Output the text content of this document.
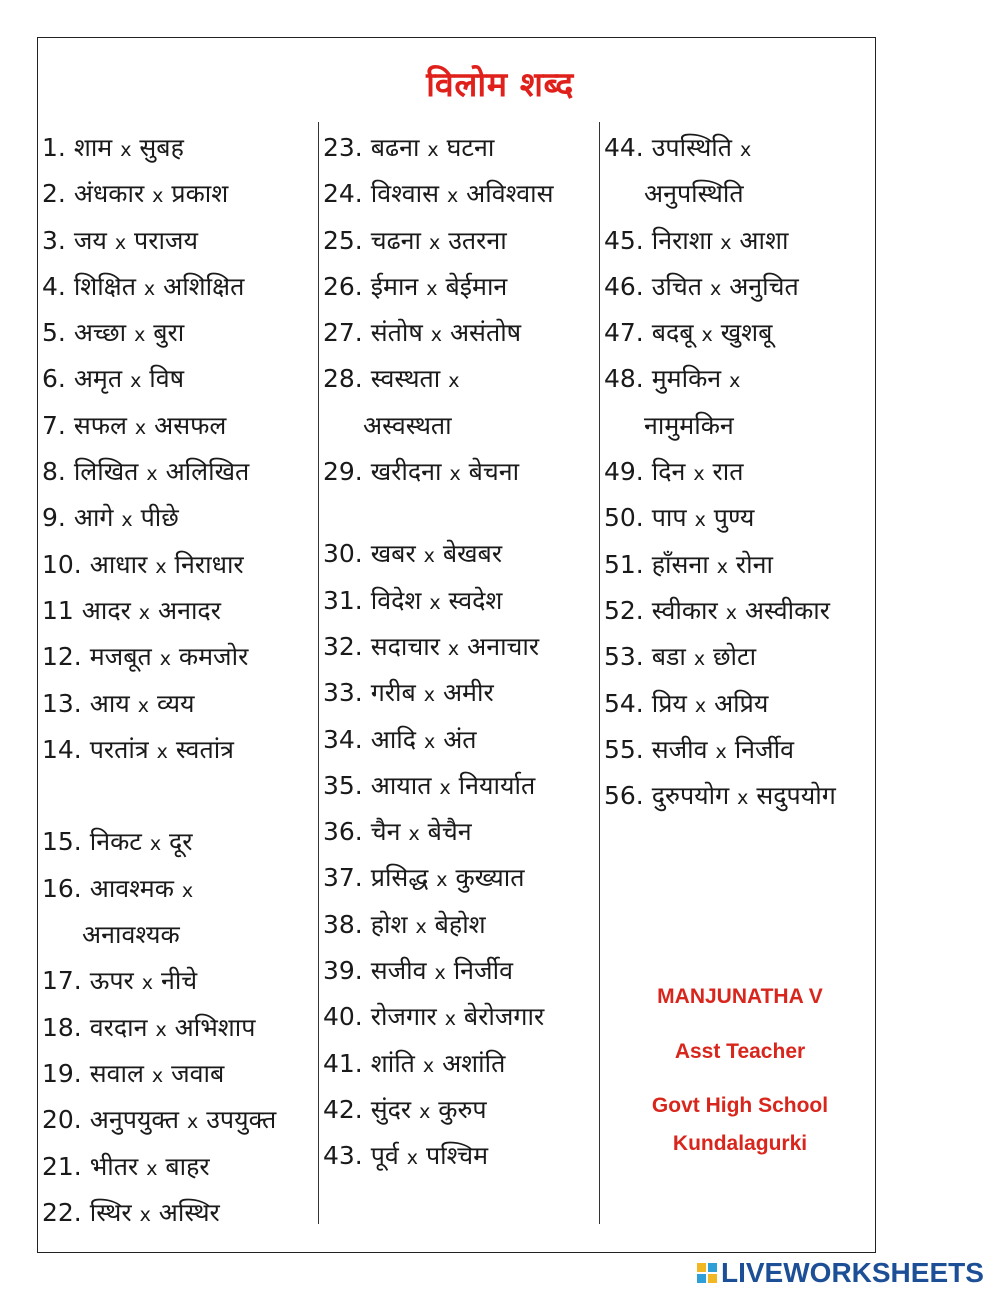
विलोम शब्द
1. शाम x सुबह
2. अंधकार x प्रकाश
3. जय x पराजय
4. शिक्षित x अशिक्षित
5. अच्छा x बुरा
6. अमृत x विष
7. सफल x असफल
8. लिखित x अलिखित
9. आगे x पीछे
10. आधार x निराधार
11 आदर x अनादर
12. मजबूत x कमजोर
13. आय x व्यय
14. परतांत्र x स्वतांत्र
15. निकट x दूर
16. आवश्मक x
अनावश्यक
17. ऊपर x नीचे
18. वरदान x अभिशाप
19. सवाल x जवाब
20. अनुपयुक्त x उपयुक्त
21. भीतर x बाहर
22. स्थिर x अस्थिर
23. बढना x घटना
24. विश्वास x अविश्वास
25. चढना x उतरना
26. ईमान x बेईमान
27. संतोष x असंतोष
28. स्वस्थता x
अस्वस्थता
29. खरीदना x बेचना
30. खबर x बेखबर
31. विदेश x स्वदेश
32. सदाचार x अनाचार
33. गरीब x अमीर
34. आदि x अंत
35. आयात x नियार्यात
36. चैन x बेचैन
37. प्रसिद्ध x कुख्यात
38. होश x बेहोश
39. सजीव x निर्जीव
40. रोजगार x बेरोजगार
41. शांति x अशांति
42. सुंदर x कुरुप
43. पूर्व x पश्चिम
44. उपस्थिति x
अनुपस्थिति
45. निराशा x आशा
46. उचित x अनुचित
47. बदबू x खुशबू
48. मुमकिन x
नामुमकिन
49. दिन x रात
50. पाप x पुण्य
51. हाँसना x रोना
52. स्वीकार x अस्वीकार
53. बडा x छोटा
54. प्रिय x अप्रिय
55. सजीव x निर्जीव
56. दुरुपयोग x सदुपयोग
MANJUNATHA V
Asst Teacher
Govt High School
Kundalagurki
LIVEWORKSHEETS
